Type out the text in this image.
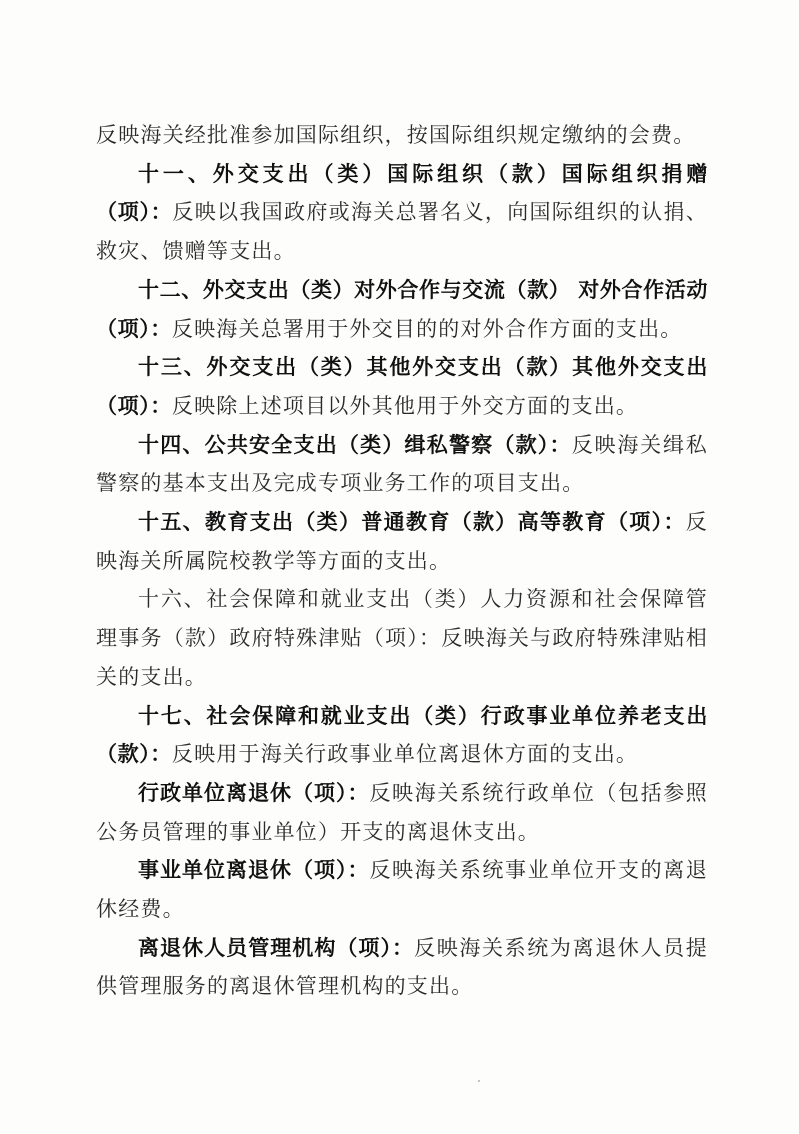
反映海关经批准参加国际组织，按国际组织规定缴纳的会费。

十一、外交支出（类）国际组织（款）国际组织捐赠（项）：反映以我国政府或海关总署名义，向国际组织的认捐、救灾、馈赠等支出。

十二、外交支出（类）对外合作与交流（款） 对外合作活动（项）：反映海关总署用于外交目的的对外合作方面的支出。

十三、外交支出（类）其他外交支出（款）其他外交支出（项）：反映除上述项目以外其他用于外交方面的支出。

十四、公共安全支出（类）缉私警察（款）：反映海关缉私警察的基本支出及完成专项业务工作的项目支出。

十五、教育支出（类）普通教育（款）高等教育（项）：反映海关所属院校教学等方面的支出。

十六、社会保障和就业支出（类）人力资源和社会保障管理事务（款）政府特殊津贴（项）：反映海关与政府特殊津贴相关的支出。

十七、社会保障和就业支出（类）行政事业单位养老支出（款）：反映用于海关行政事业单位离退休方面的支出。

行政单位离退休（项）：反映海关系统行政单位（包括参照公务员管理的事业单位）开支的离退休支出。

事业单位离退休（项）：反映海关系统事业单位开支的离退休经费。

离退休人员管理机构（项）：反映海关系统为离退休人员提供管理服务的离退休管理机构的支出。
